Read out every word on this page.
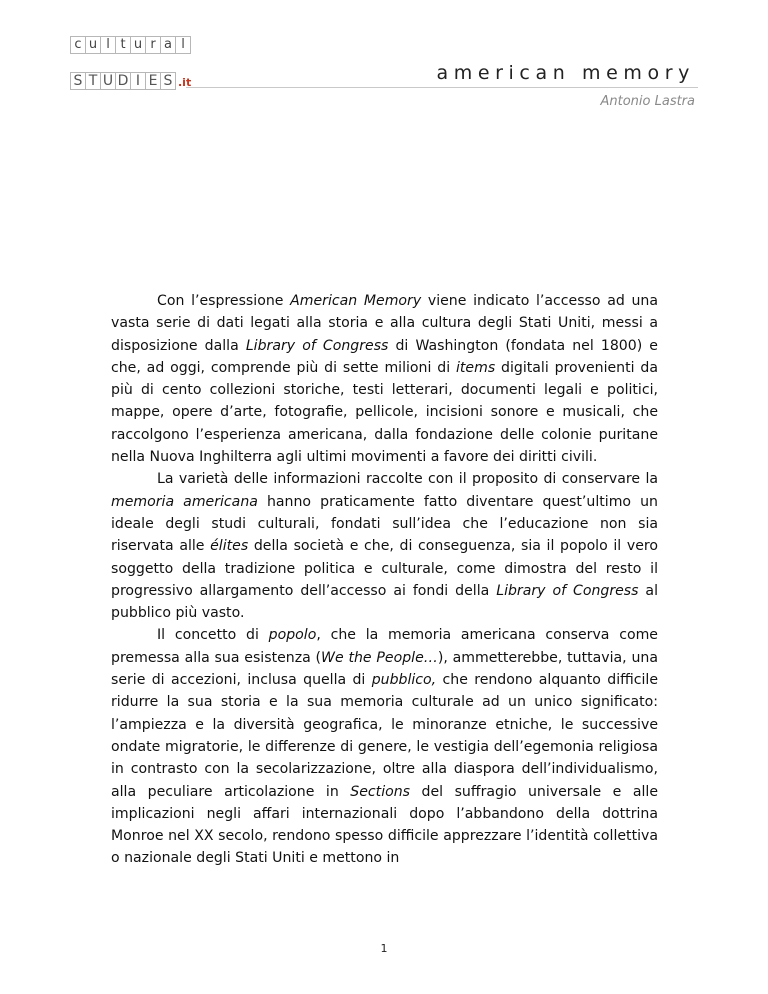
c u l t u r a l
S T U D I E S .it	american memory
Antonio Lastra

Con l’espressione American Memory viene indicato l’accesso ad una vasta serie di dati legati alla storia e alla cultura degli Stati Uniti, messi a disposizione dalla Library of Congress di Washington (fondata nel 1800) e che, ad oggi, comprende più di sette milioni di items digitali provenienti da più di cento collezioni storiche, testi letterari, documenti legali e politici, mappe, opere d’arte, fotografie, pellicole, incisioni sonore e musicali, che raccolgono l’esperienza americana, dalla fondazione delle colonie puritane nella Nuova Inghilterra agli ultimi movimenti a favore dei diritti civili.

La varietà delle informazioni raccolte con il proposito di conservare la memoria americana hanno praticamente fatto diventare quest’ultimo un ideale degli studi culturali, fondati sull’idea che l’educazione non sia riservata alle élites della società e che, di conseguenza, sia il popolo il vero soggetto della tradizione politica e culturale, come dimostra del resto il progressivo allargamento dell’accesso ai fondi della Library of Congress al pubblico più vasto.

Il concetto di popolo, che la memoria americana conserva come premessa alla sua esistenza (We the People…), ammetterebbe, tuttavia, una serie di accezioni, inclusa quella di pubblico, che rendono alquanto difficile ridurre la sua storia e la sua memoria culturale ad un unico significato: l’ampiezza e la diversità geografica, le minoranze etniche, le successive ondate migratorie, le differenze di genere, le vestigia dell’egemonia religiosa in contrasto con la secolarizzazione, oltre alla diaspora dell’individualismo, alla peculiare articolazione in Sections del suffragio universale e alle implicazioni negli affari internazionali dopo l’abbandono della dottrina Monroe nel XX secolo, rendono spesso difficile apprezzare l’identità collettiva o nazionale degli Stati Uniti e mettono in

1
